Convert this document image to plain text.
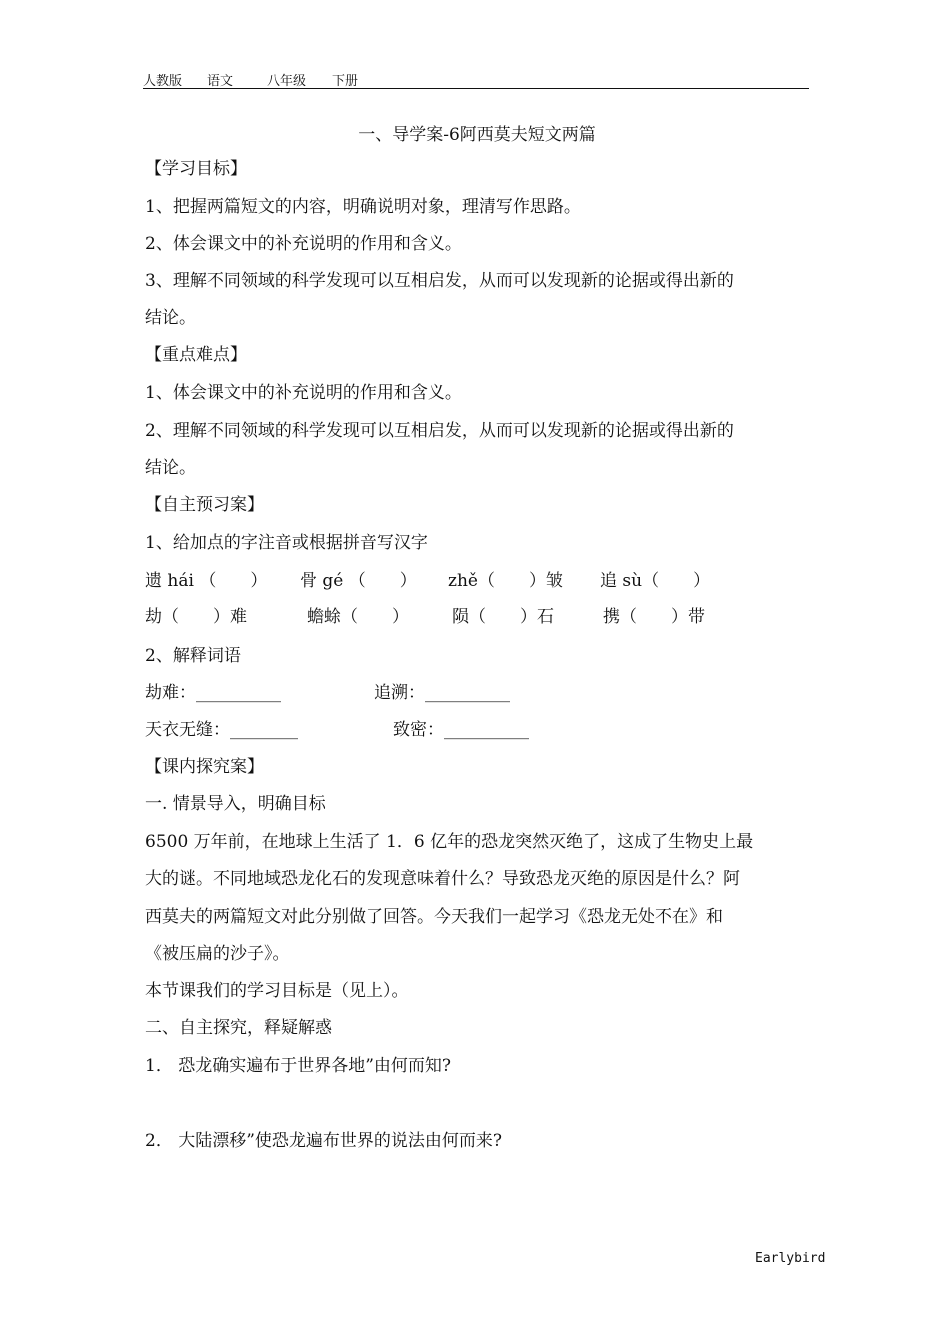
人教版 语文	八年级 下册
一、导学案-6阿西莫夫短文两篇
【学习目标】
1、把握两篇短文的内容，明确说明对象，理清写作思路。
2、体会课文中的补充说明的作用和含义。
3、理解不同领域的科学发现可以互相启发，从而可以发现新的论据或得出新的
结论。
【重点难点】
1、体会课文中的补充说明的作用和含义。
2、理解不同领域的科学发现可以互相启发，从而可以发现新的论据或得出新的
结论。
【自主预习案】
1、给加点的字注音或根据拼音写汉字
遗 hái （　　） 骨 gé （　　） zhě（　　）皱 追 sù（　　）
劫（　　）难	蟾蜍（　　）	陨（　　）石	携（　　）带
2、解释词语
劫难：__________	追溯：__________
天衣无缝：________	致密：__________
【课内探究案】
一. 情景导入，明确目标
6500 万年前，在地球上生活了 1．6 亿年的恐龙突然灭绝了，这成了生物史上最
大的谜。不同地域恐龙化石的发现意味着什么？导致恐龙灭绝的原因是什么？阿
西莫夫的两篇短文对此分别做了回答。今天我们一起学习《恐龙无处不在》和
《被压扁的沙子》。
本节课我们的学习目标是（见上）。
二、自主探究，释疑解惑
1． 恐龙确实遍布于世界各地”由何而知?
2． 大陆漂移”使恐龙遍布世界的说法由何而来?
Earlybird
